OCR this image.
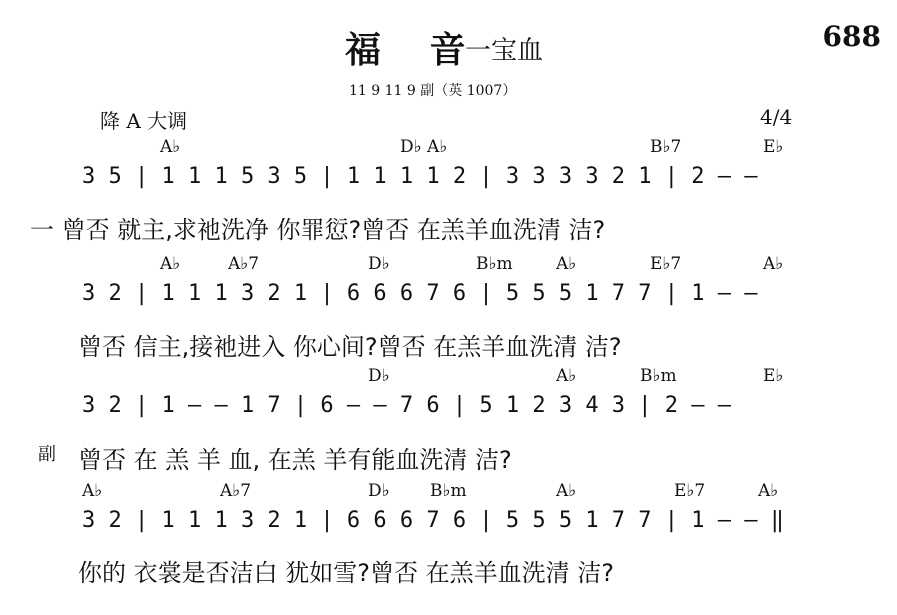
福 音
一宝血	688
11 9 11 9 副（英 1007）
降 A 大调	4/4
副
A♭	D♭ A♭	B♭7	E♭
3 5 | 1 1 1 5 3 5 | 1 1 1 1 2 | 3 3 3 3 2 1 | 2 — —
一 曾否 就主,求祂洗净 你罪愆?曾否 在羔羊血洗清 洁?
A♭	A♭7	D♭	B♭m	A♭	E♭7	A♭
3 2 | 1 1 1 3 2 1 | 6 6 6 7 6 | 5 5 5 1 7 7 | 1 — —
曾否 信主,接祂进入 你心间?曾否 在羔羊血洗清 洁?
D♭	A♭	B♭m	E♭
3 2 | 1 — — 1 7 | 6 — — 7 6 | 5 1 2 3 4 3 | 2 — —
曾否 在 羔 羊 血, 在羔 羊有能血洗清 洁?
A♭	A♭7	D♭ B♭m	A♭	E♭7	A♭
3 2 | 1 1 1 3 2 1 | 6 6 6 7 6 | 5 5 5 1 7 7 | 1 — — ‖
你的 衣裳是否洁白 犹如雪?曾否 在羔羊血洗清 洁?
